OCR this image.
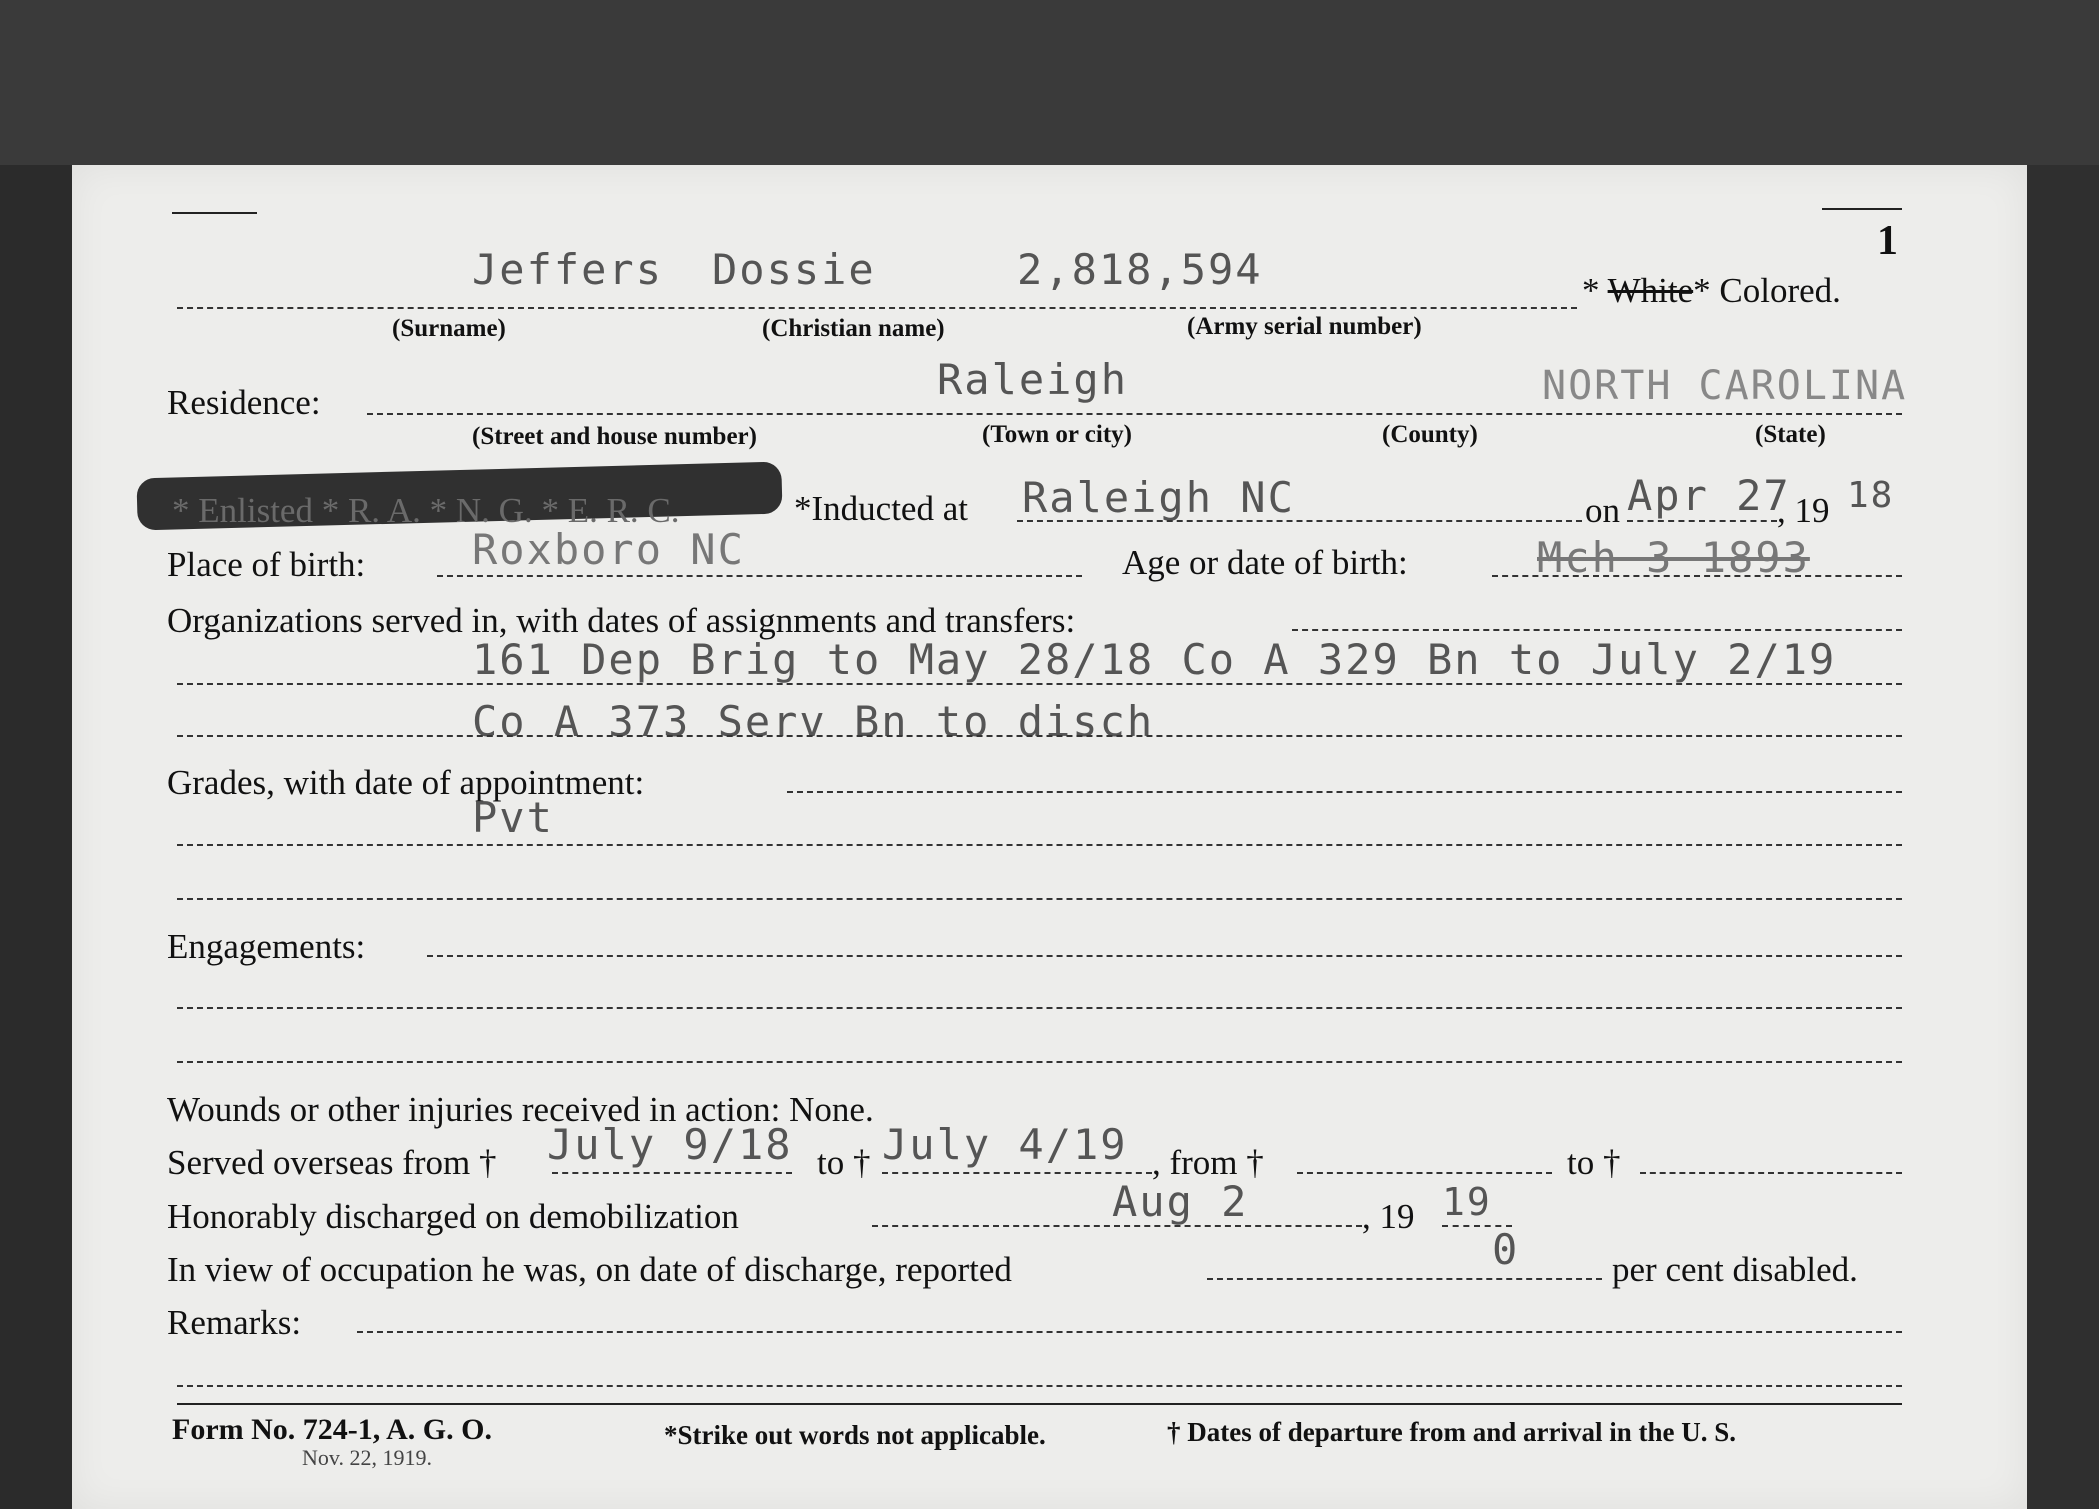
1
Jeffers Dossie	2,818,594	* White* Colored.
(Surname)	(Christian name)	(Army serial number)
Residence:	Raleigh	NORTH CAROLINA
(Street and house number)	(Town or city)	(County)	(State)
* Enlisted * R. A. * N. G. * E. R. C.	*Inducted at Raleigh NC	on Apr 27
, 19 18
Place of birth:	Roxboro NC	Age or date of birth:	Mch 3 1893
Organizations served in, with dates of assignments and transfers:
161 Dep Brig to May 28/18 Co A 329 Bn to July 2/19
Co A 373 Serv Bn to disch
Grades, with date of appointment:
Pvt
Engagements:
Wounds or other injuries received in action: None.
Served overseas from † July 9/18 to † July 4/19 , from †	to †
Honorably discharged on demobilization	Aug 2	, 19 19
In view of occupation he was, on date of discharge, reported	0	per cent disabled.
Remarks:
Form No. 724-1, A. G. O.
Nov. 22, 1919.
*Strike out words not applicable.	† Dates of departure from and arrival in the U. S.
